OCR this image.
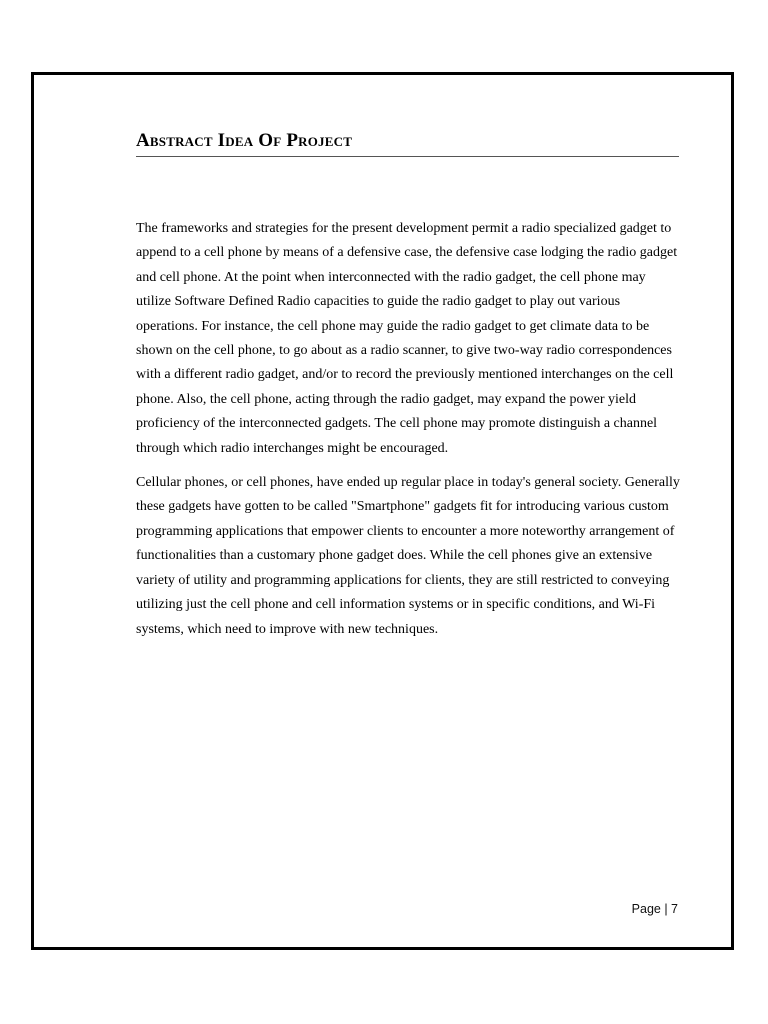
Abstract Idea Of Project

The frameworks and strategies for the present development permit a radio specialized gadget to append to a cell phone by means of a defensive case, the defensive case lodging the radio gadget and cell phone. At the point when interconnected with the radio gadget, the cell phone may utilize Software Defined Radio capacities to guide the radio gadget to play out various operations. For instance, the cell phone may guide the radio gadget to get climate data to be shown on the cell phone, to go about as a radio scanner, to give two-way radio correspondences with a different radio gadget, and/or to record the previously mentioned interchanges on the cell phone. Also, the cell phone, acting through the radio gadget, may expand the power yield proficiency of the interconnected gadgets. The cell phone may promote distinguish a channel through which radio interchanges might be encouraged.

Cellular phones, or cell phones, have ended up regular place in today's general society. Generally these gadgets have gotten to be called "Smartphone" gadgets fit for introducing various custom programming applications that empower clients to encounter a more noteworthy arrangement of functionalities than a customary phone gadget does. While the cell phones give an extensive variety of utility and programming applications for clients, they are still restricted to conveying utilizing just the cell phone and cell information systems or in specific conditions, and Wi-Fi systems, which need to improve with new techniques.

Page | 7
